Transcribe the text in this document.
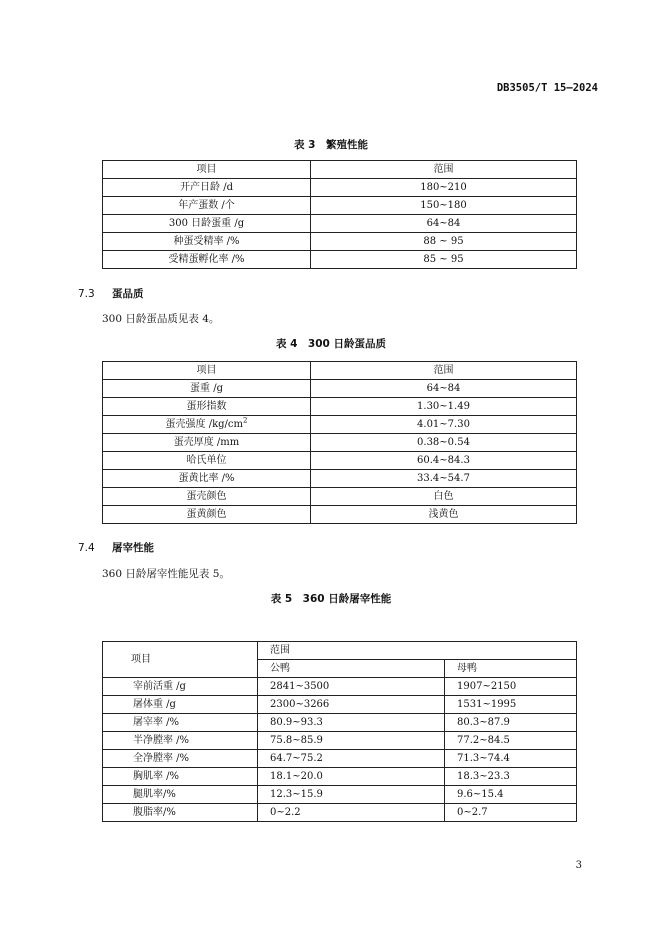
DB3505/T 15—2024
表 3　繁殖性能
项目	范围
开产日龄 /d	180~210
年产蛋数 /个	150~180
300 日龄蛋重 /g	64~84
种蛋受精率 /%	88 ~ 95
受精蛋孵化率 /%	85 ~ 95
7.3 蛋品质
300 日龄蛋品质见表 4。
表 4　300 日龄蛋品质
项目	范围
蛋重 /g	64~84
蛋形指数	1.30~1.49
蛋壳强度 $/kg/cm^2$	4.01~7.30
蛋壳厚度 /mm	0.38~0.54
哈氏单位	60.4~84.3
蛋黄比率 /%	33.4~54.7
蛋壳颜色	白色
蛋黄颜色	浅黄色
7.4 屠宰性能
360 日龄屠宰性能见表 5。
表 5　360 日龄屠宰性能
项目	范围	
	公鸭	母鸭
宰前活重 /g	2841~3500	1907~2150
屠体重 /g	2300~3266	1531~1995
屠宰率 /%	80.9~93.3	80.3~87.9
半净膛率 /%	75.8~85.9	77.2~84.5
全净膛率 /%	64.7~75.2	71.3~74.4
胸肌率 /%	18.1~20.0	18.3~23.3
腿肌率/%	12.3~15.9	9.6~15.4
腹脂率/%	0~2.2	0~2.7
3
